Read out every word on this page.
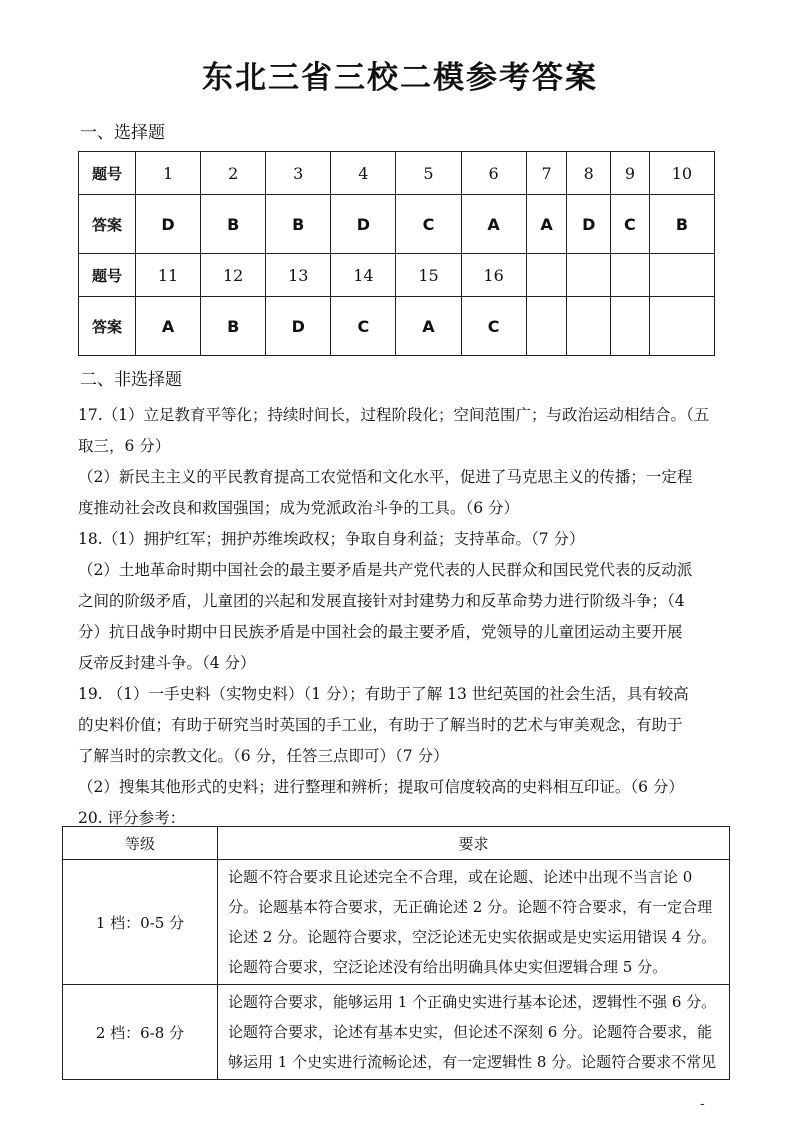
东北三省三校二模参考答案
一、选择题
题号	1	2	3	4	5	6	7	8	9	10
答案	D	B	B	D	C	A	A	D	C	B
题号	11	12	13	14	15	16				
答案	A	B	D	C	A	C				
二、非选择题
17.（1）立足教育平等化；持续时间长，过程阶段化；空间范围广；与政治运动相结合。（五
取三，6 分）
（2）新民主主义的平民教育提高工农觉悟和文化水平，促进了马克思主义的传播；一定程
度推动社会改良和救国强国；成为党派政治斗争的工具。（6 分）
18.（1）拥护红军；拥护苏维埃政权；争取自身利益；支持革命。（7 分）
（2）土地革命时期中国社会的最主要矛盾是共产党代表的人民群众和国民党代表的反动派
之间的阶级矛盾，儿童团的兴起和发展直接针对封建势力和反革命势力进行阶级斗争；（4
分）抗日战争时期中日民族矛盾是中国社会的最主要矛盾，党领导的儿童团运动主要开展
反帝反封建斗争。（4 分）
19. （1）一手史料（实物史料）（1 分）；有助于了解 13 世纪英国的社会生活，具有较高
的史料价值；有助于研究当时英国的手工业，有助于了解当时的艺术与审美观念，有助于
了解当时的宗教文化。（6 分，任答三点即可）（7 分）
（2）搜集其他形式的史料；进行整理和辨析；提取可信度较高的史料相互印证。（6 分）
20. 评分参考：
等级	要求
1 档：0-5 分	论题不符合要求且论述完全不合理，或在论题、论述中出现不当言论 0
分。论题基本符合要求，无正确论述 2 分。论题不符合要求，有一定合理
论述 2 分。论题符合要求，空泛论述无史实依据或是史实运用错误 4 分。
论题符合要求，空泛论述没有给出明确具体史实但逻辑合理 5 分。

2 档：6-8 分	论题符合要求，能够运用 1 个正确史实进行基本论述，逻辑性不强 6 分。
论题符合要求，论述有基本史实，但论述不深刻 6 分。论题符合要求，能
够运用 1 个史实进行流畅论述，有一定逻辑性 8 分。论题符合要求不常见
-
